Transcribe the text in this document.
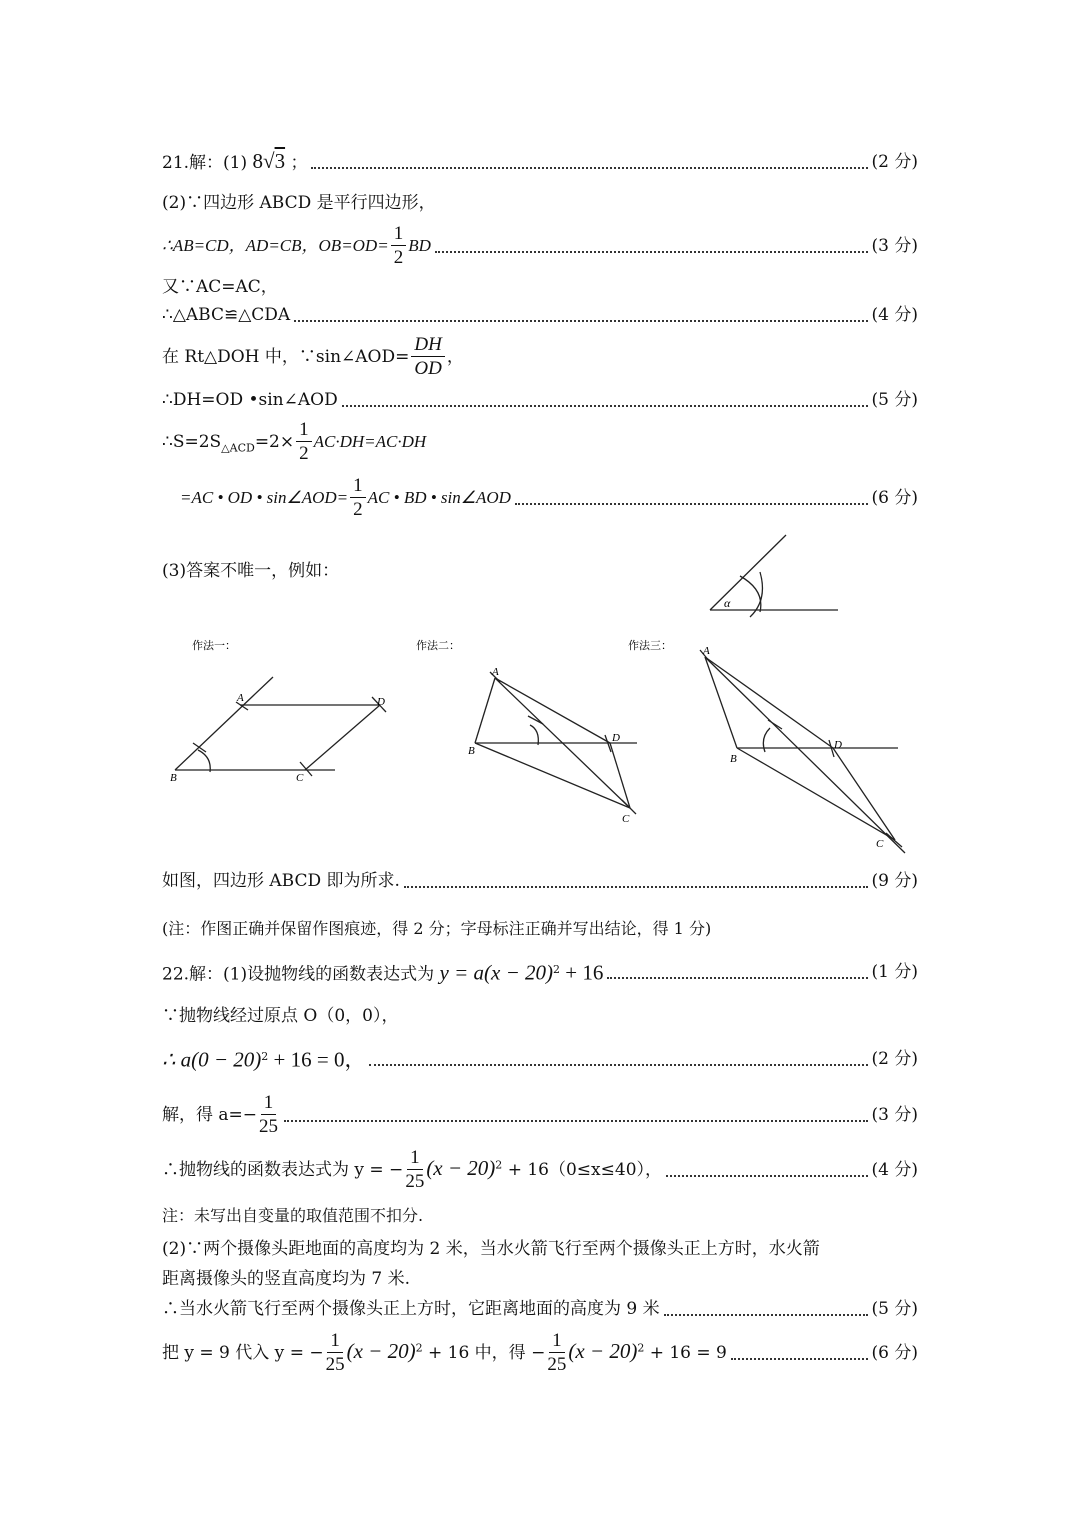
21.解：(1) 8√3 ；	(2 分)
(2)∵四边形 ABCD 是平行四边形，
∴AB=CD，AD=CB，$OB=OD= \frac{1}{2}$ BD	(3 分)
又∵AC=AC，
∴△ABC≌△CDA	(4 分)
在 Rt△DOH 中，∵sin∠AOD= $\frac{DH}{OD}$ ，
∴DH=OD •sin∠AOD	(5 分)
$\therefore S=2S_{\triangle ACD}=2\times \frac{1}{2} AC\cdot DH=AC\cdot DH$
=AC • OD • sin∠AOD= $\frac{1}{2}$ AC • BD • sin∠AOD	(6 分)
(3)答案不唯一，例如：
α
作法一：	作法二：	作法三：
A
B	C
D
A
B
C
D
A
B
C
D
如图，四边形 ABCD 即为所求.	(9 分)
(注：作图正确并保留作图痕迹，得 2 分；字母标注正确并写出结论，得 1 分)
22.解：(1)设抛物线的函数表达式为 $y = a(x - 20)^2 + 16$	(1 分)
∵抛物线经过原点 O（0，0），
∴ $a(0 - 20)^2 + 16 = 0$，	(2 分)
解，得 $a=- \frac{1}{25}$	(3 分)
∴抛物线的函数表达式为 y = − $\frac{1}{25} (x - 20)^2 + 16(0\le x\le 40)$，	(4 分)
注：未写出自变量的取值范围不扣分.
(2)∵两个摄像头距地面的高度均为 2 米，当水火箭飞行至两个摄像头正上方时，水火箭
距离摄像头的竖直高度均为 7 米.
∴当水火箭飞行至两个摄像头正上方时，它距离地面的高度为 9 米	(5 分)
把 y = 9 代入 y = − $\frac{1}{25} (x - 20)^2 + 16$ 中，得 − $\frac{1}{25} (x - 20)^2 + 16 = 9$	(6 分)
